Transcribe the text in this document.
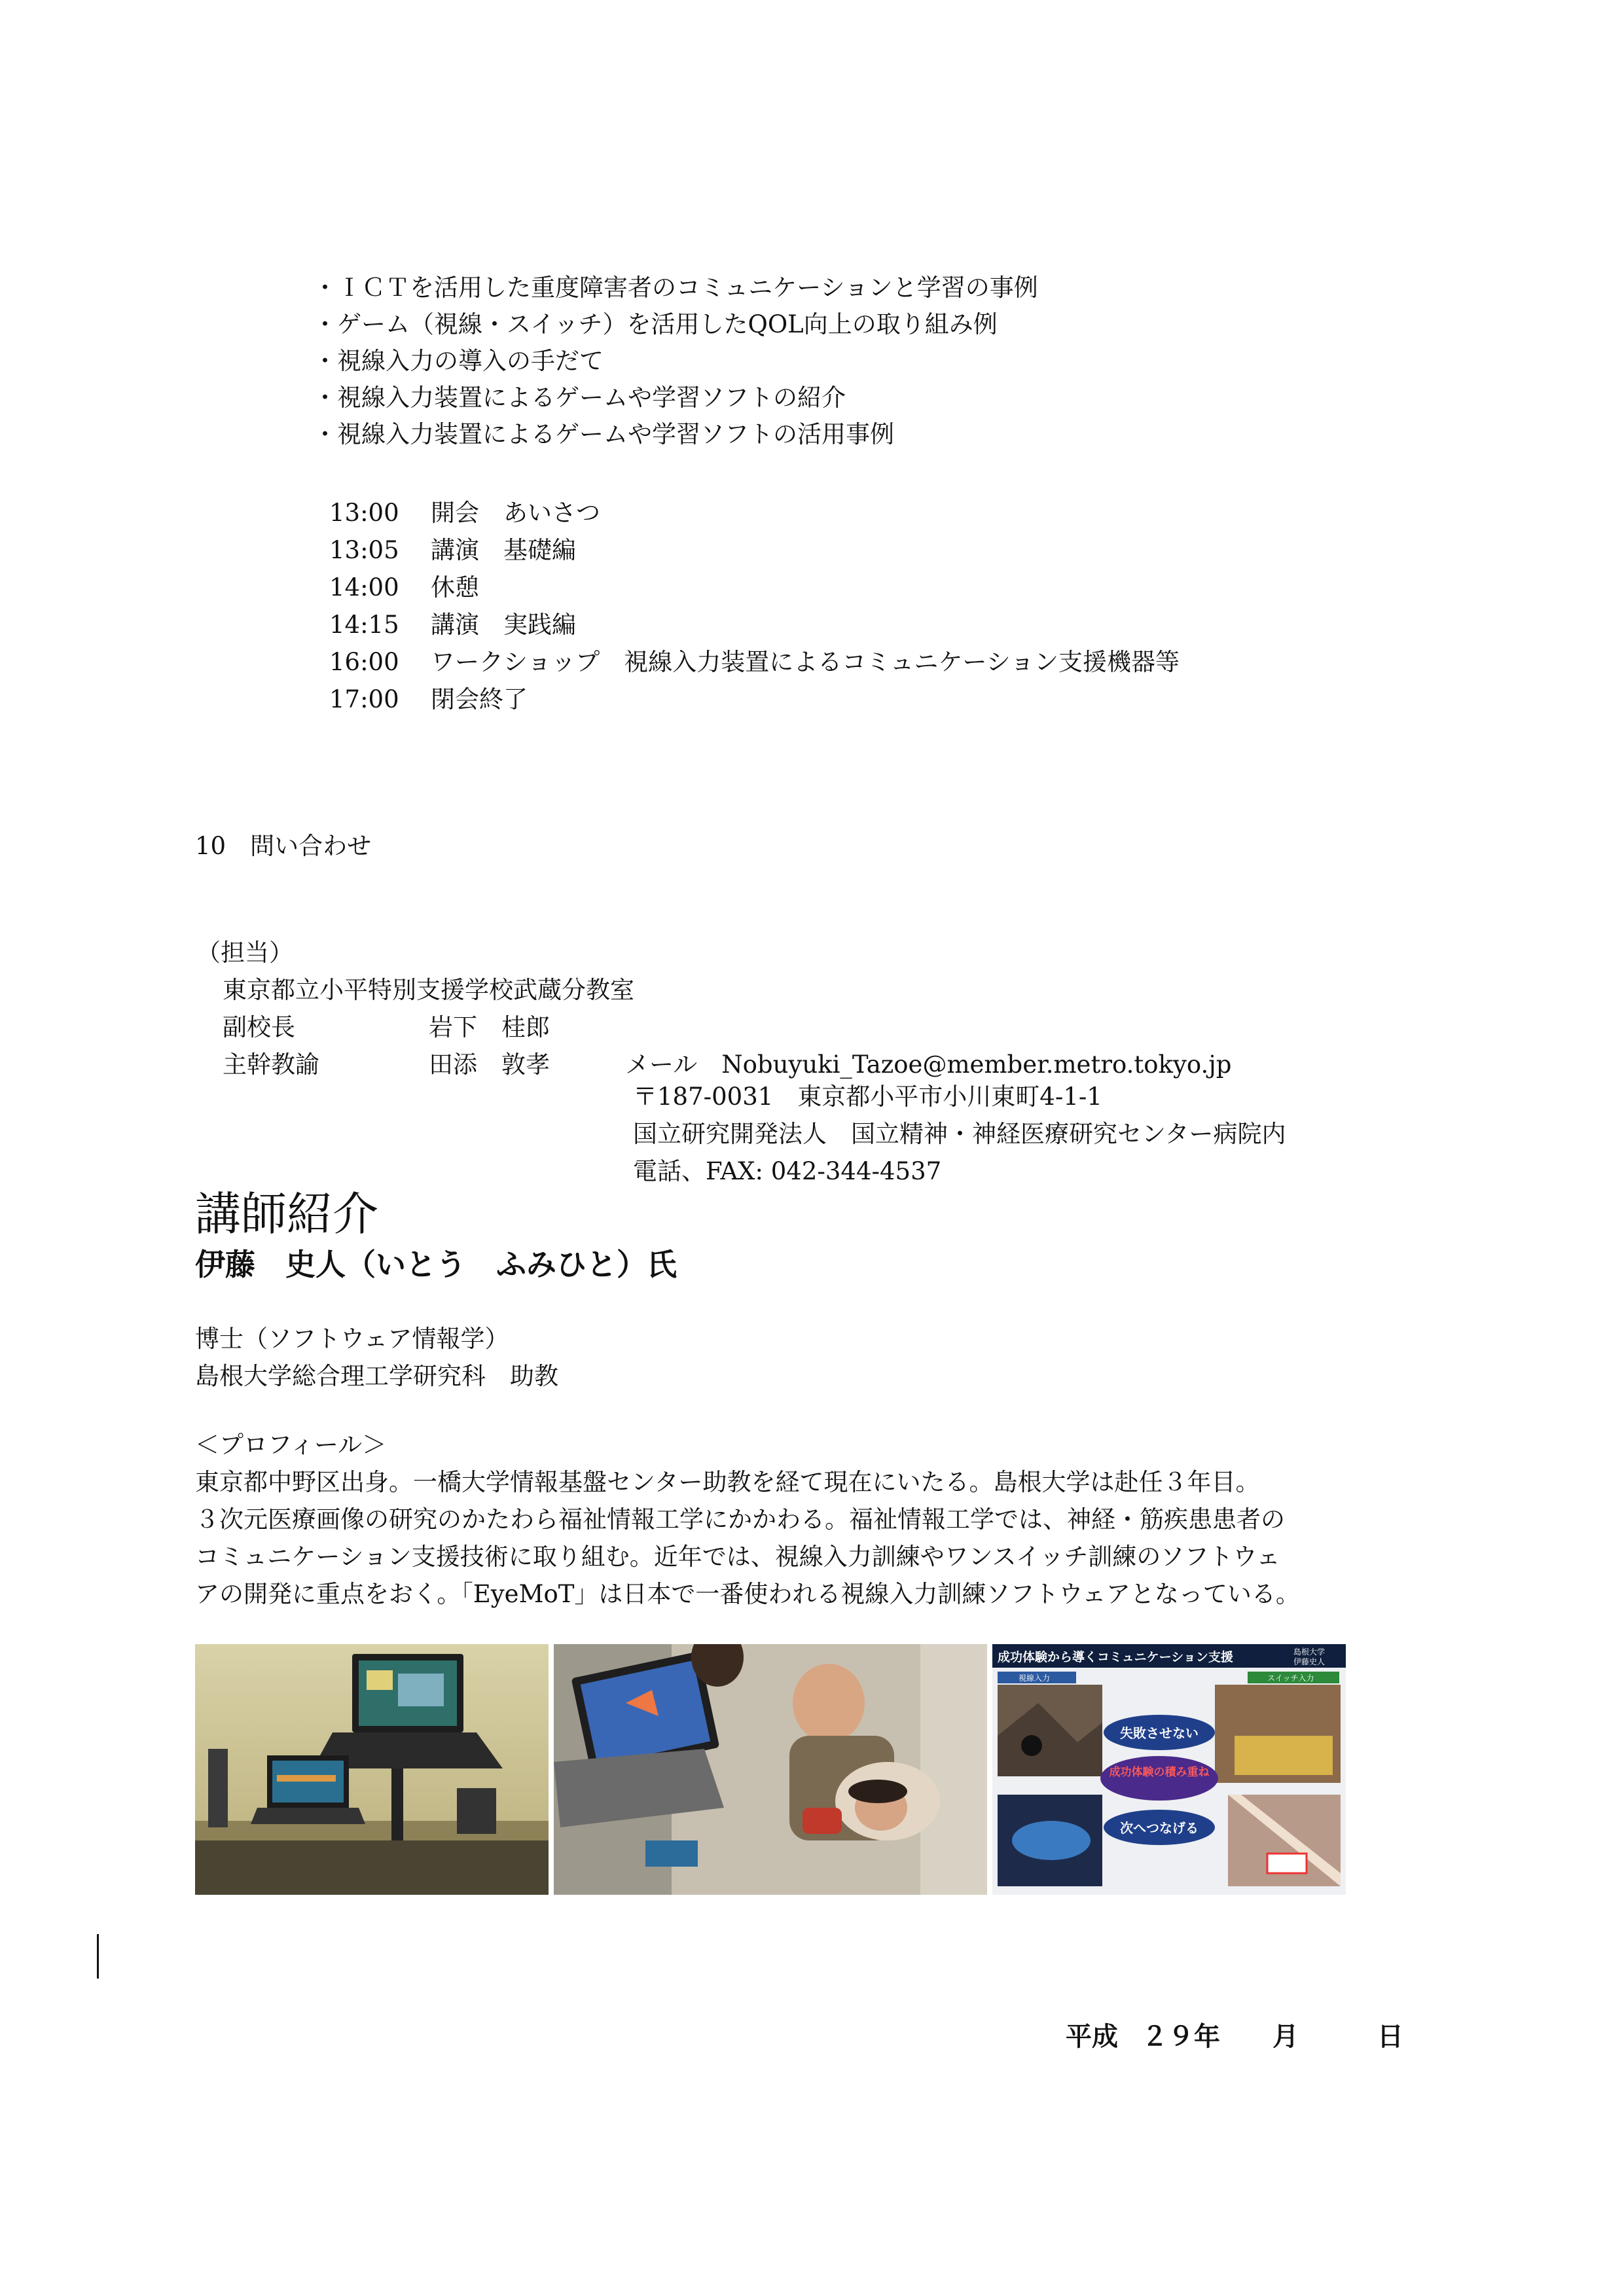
・ＩＣＴを活用した重度障害者のコミュニケーションと学習の事例
・ゲーム（視線・スイッチ）を活用したQOL向上の取り組み例
・視線入力の導入の手だて
・視線入力装置によるゲームや学習ソフトの紹介
・視線入力装置によるゲームや学習ソフトの活用事例
13:00	開会　あいさつ
13:05	講演　基礎編
14:00	休憩
14:15	講演　実践編
16:00	ワークショップ　視線入力装置によるコミュニケーション支援機器等
17:00	閉会終了
10　問い合わせ
（担当）
東京都立小平特別支援学校武蔵分教室
副校長	岩下　桂郎
主幹教諭	田添　敦孝	メール　Nobuyuki_Tazoe@member.metro.tokyo.jp
〒187-0031　東京都小平市小川東町4-1-1
国立研究開発法人　国立精神・神経医療研究センター病院内
電話、FAX: 042-344-4537
講師紹介
伊藤　史人（いとう　ふみひと）氏
博士（ソフトウェア情報学）
島根大学総合理工学研究科　助教
＜プロフィール＞
東京都中野区出身。一橋大学情報基盤センター助教を経て現在にいたる。島根大学は赴任３年目。
３次元医療画像の研究のかたわら福祉情報工学にかかわる。福祉情報工学では、神経・筋疾患患者の
コミュニケーション支援技術に取り組む。近年では、視線入力訓練やワンスイッチ訓練のソフトウェ
アの開発に重点をおく。「EyeMoT」は日本で一番使われる視線入力訓練ソフトウェアとなっている。
成功体験から導くコミュニケーション支援	島根大学
伊藤史人
視線入力	スイッチ入力
失敗させない
成功体験の積み重ね
次へつなげる
平成 ２９年 月	日
